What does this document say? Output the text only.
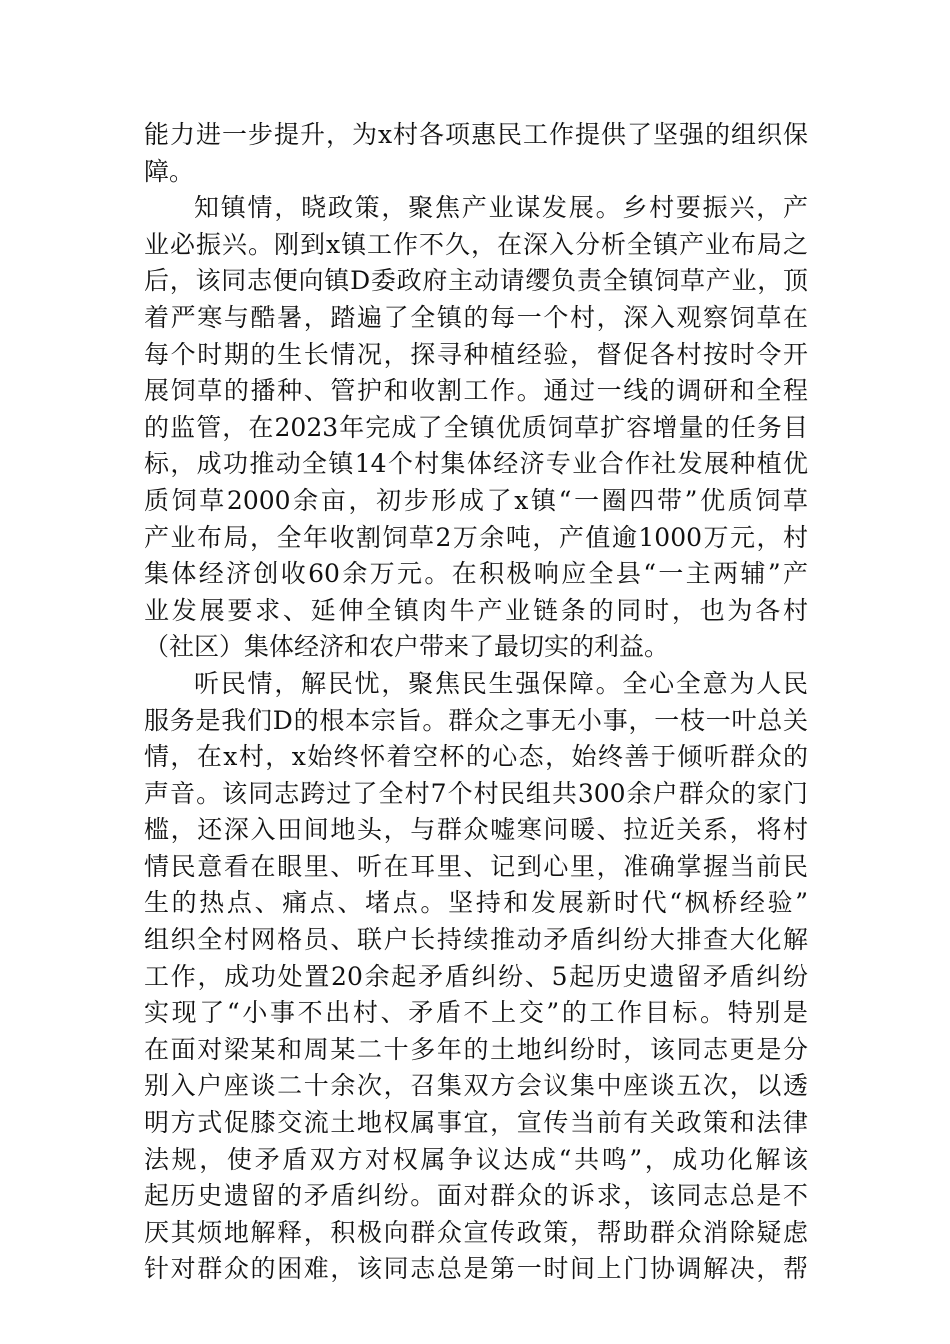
能力进一步提升，为x村各项惠民工作提供了坚强的组织保
障。
知镇情，晓政策，聚焦产业谋发展。乡村要振兴，产
业必振兴。刚到x镇工作不久，在深入分析全镇产业布局之
后，该同志便向镇D委政府主动请缨负责全镇饲草产业，顶
着严寒与酷暑，踏遍了全镇的每一个村，深入观察饲草在
每个时期的生长情况，探寻种植经验，督促各村按时令开
展饲草的播种、管护和收割工作。通过一线的调研和全程
的监管，在2023年完成了全镇优质饲草扩容增量的任务目
标，成功推动全镇14个村集体经济专业合作社发展种植优
质饲草2000余亩，初步形成了x镇“一圈四带”优质饲草
产业布局，全年收割饲草2万余吨，产值逾1000万元，村
集体经济创收60余万元。在积极响应全县“一主两辅”产
业发展要求、延伸全镇肉牛产业链条的同时，也为各村
（社区）集体经济和农户带来了最切实的利益。
听民情，解民忧，聚焦民生强保障。全心全意为人民
服务是我们D的根本宗旨。群众之事无小事，一枝一叶总关
情，在x村，x始终怀着空杯的心态，始终善于倾听群众的
声音。该同志跨过了全村7个村民组共300余户群众的家门
槛，还深入田间地头，与群众嘘寒问暖、拉近关系，将村
情民意看在眼里、听在耳里、记到心里，准确掌握当前民
生的热点、痛点、堵点。坚持和发展新时代“枫桥经验”
组织全村网格员、联户长持续推动矛盾纠纷大排查大化解
工作，成功处置20余起矛盾纠纷、5起历史遗留矛盾纠纷
实现了“小事不出村、矛盾不上交”的工作目标。特别是
在面对梁某和周某二十多年的土地纠纷时，该同志更是分
别入户座谈二十余次，召集双方会议集中座谈五次，以透
明方式促膝交流土地权属事宜，宣传当前有关政策和法律
法规，使矛盾双方对权属争议达成“共鸣”，成功化解该
起历史遗留的矛盾纠纷。面对群众的诉求，该同志总是不
厌其烦地解释，积极向群众宣传政策，帮助群众消除疑虑
针对群众的困难，该同志总是第一时间上门协调解决，帮
